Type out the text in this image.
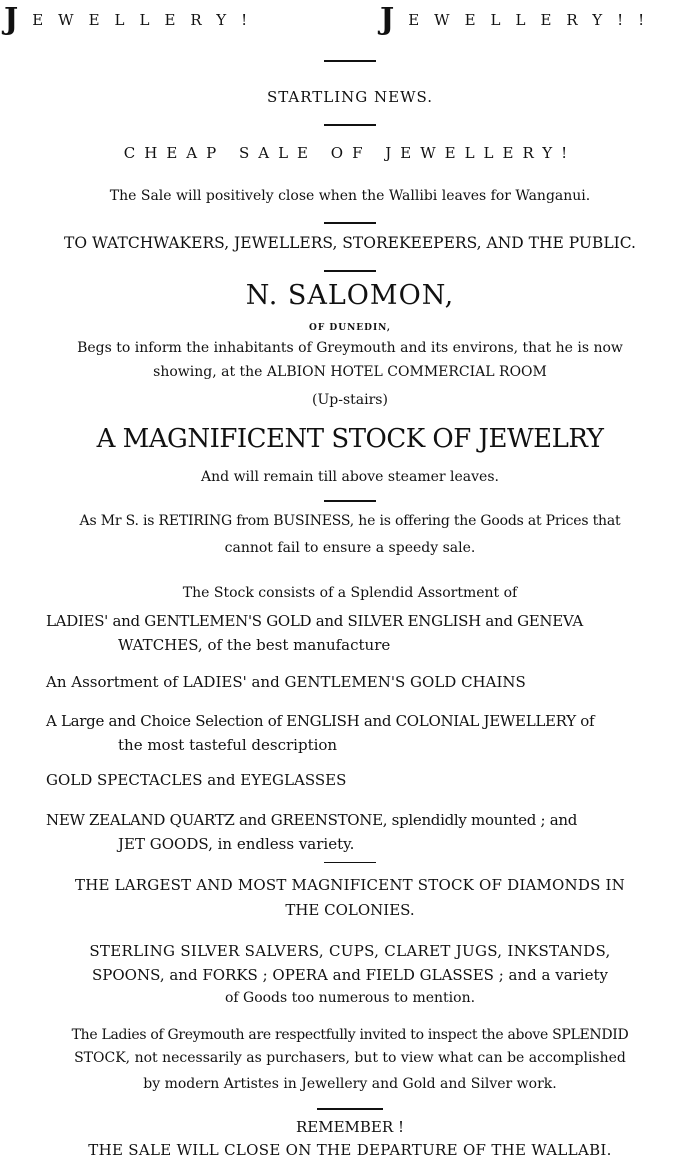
JEWELLERY!	JEWELLERY!!
STARTLING NEWS.
CHEAP SALE OF JEWELLERY!
The Sale will positively close when the Wallibi leaves for Wanganui.
TO WATCHWAKERS, JEWELLERS, STOREKEEPERS, AND THE PUBLIC.
N. SALOMON,
OF DUNEDIN,
Begs to inform the inhabitants of Greymouth and its environs, that he is now
showing, at the ALBION HOTEL COMMERCIAL ROOM
(Up-stairs)
A MAGNIFICENT STOCK OF JEWELRY
And will remain till above steamer leaves.
As Mr S. is RETIRING from BUSINESS, he is offering the Goods at Prices that
cannot fail to ensure a speedy sale.
The Stock consists of a Splendid Assortment of
LADIES' and GENTLEMEN'S GOLD and SILVER ENGLISH and GENEVA
WATCHES, of the best manufacture
An Assortment of LADIES' and GENTLEMEN'S GOLD CHAINS
A Large and Choice Selection of ENGLISH and COLONIAL JEWELLERY of
the most tasteful description
GOLD SPECTACLES and EYEGLASSES
NEW ZEALAND QUARTZ and GREENSTONE, splendidly mounted ; and
JET GOODS, in endless variety.
THE LARGEST AND MOST MAGNIFICENT STOCK OF DIAMONDS IN
THE COLONIES.
STERLING SILVER SALVERS, CUPS, CLARET JUGS, INKSTANDS,
SPOONS, and FORKS ; OPERA and FIELD GLASSES ; and a variety
of Goods too numerous to mention.
The Ladies of Greymouth are respectfully invited to inspect the above SPLENDID
STOCK, not necessarily as purchasers, but to view what can be accomplished
by modern Artistes in Jewellery and Gold and Silver work.
REMEMBER !
THE SALE WILL CLOSE ON THE DEPARTURE OF THE WALLABI.
